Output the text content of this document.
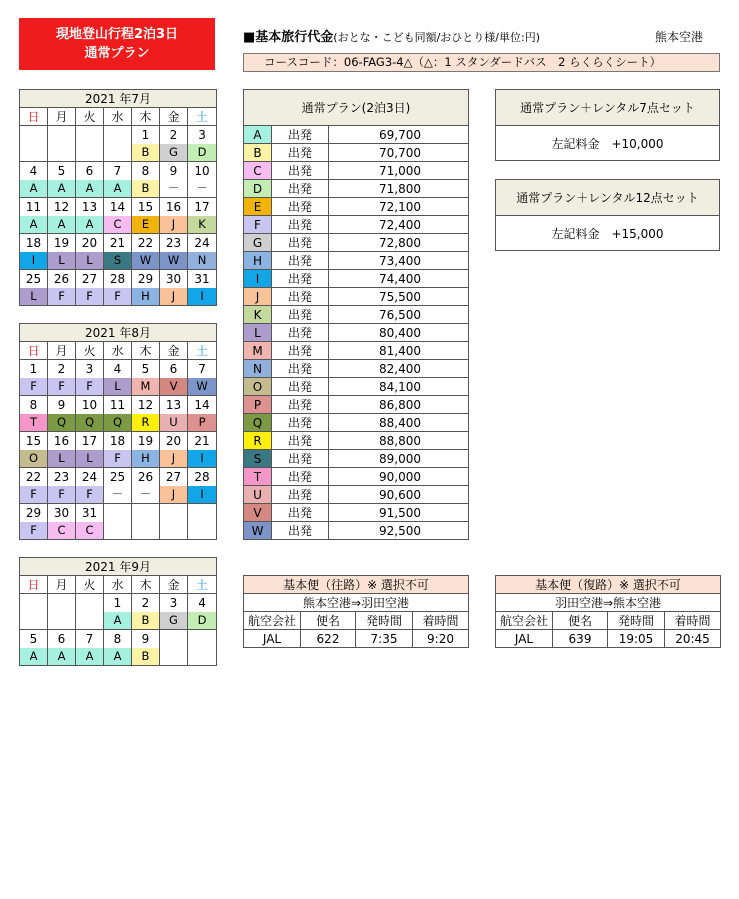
現地登山行程2泊3日
通常プラン
■基本旅行代金(おとな・こども同額/おひとり様/単位:円)	熊本空港
コースコード：06-FAG3-4△（△：1 スタンダードバス　2 らくらくシート）
2021 年7月						
日	月	火	水	木	金	土
				1	2	3
				B	G	D
4	5	6	7	8	9	10
A	A	A	A	B	－	－
11	12	13	14	15	16	17
A	A	A	C	E	J	K
18	19	20	21	22	23	24
I	L	L	S	W	W	N
25	26	27	28	29	30	31
L	F	F	F	H	J	I
2021 年8月						
日	月	火	水	木	金	土
1	2	3	4	5	6	7
F	F	F	L	M	V	W
8	9	10	11	12	13	14
T	Q	Q	Q	R	U	P
15	16	17	18	19	20	21
O	L	L	F	H	J	I
22	23	24	25	26	27	28
F	F	F	－	－	J	I
29	30	31				
F	C	C				
2021 年9月						
日	月	火	水	木	金	土
			1	2	3	4
			A	B	G	D
5	6	7	8	9		
A	A	A	A	B		
通常プラン(2泊3日)		
A	出発	69,700
B	出発	70,700
C	出発	71,000
D	出発	71,800
E	出発	72,100
F	出発	72,400
G	出発	72,800
H	出発	73,400
I	出発	74,400
J	出発	75,500
K	出発	76,500
L	出発	80,400
M	出発	81,400
N	出発	82,400
O	出発	84,100
P	出発	86,800
Q	出発	88,400
R	出発	88,800
S	出発	89,000
T	出発	90,000
U	出発	90,600
V	出発	91,500
W	出発	92,500
通常プラン＋レンタル7点セット
左記料金　+10,000
通常プラン＋レンタル12点セット
左記料金　+15,000
基本便（往路）※ 選択不可			
熊本空港⇒羽田空港			
航空会社	便名	発時間	着時間
JAL	622	7:35	9:20
基本便（復路）※ 選択不可			
羽田空港⇒熊本空港			
航空会社	便名	発時間	着時間
JAL	639	19:05	20:45
